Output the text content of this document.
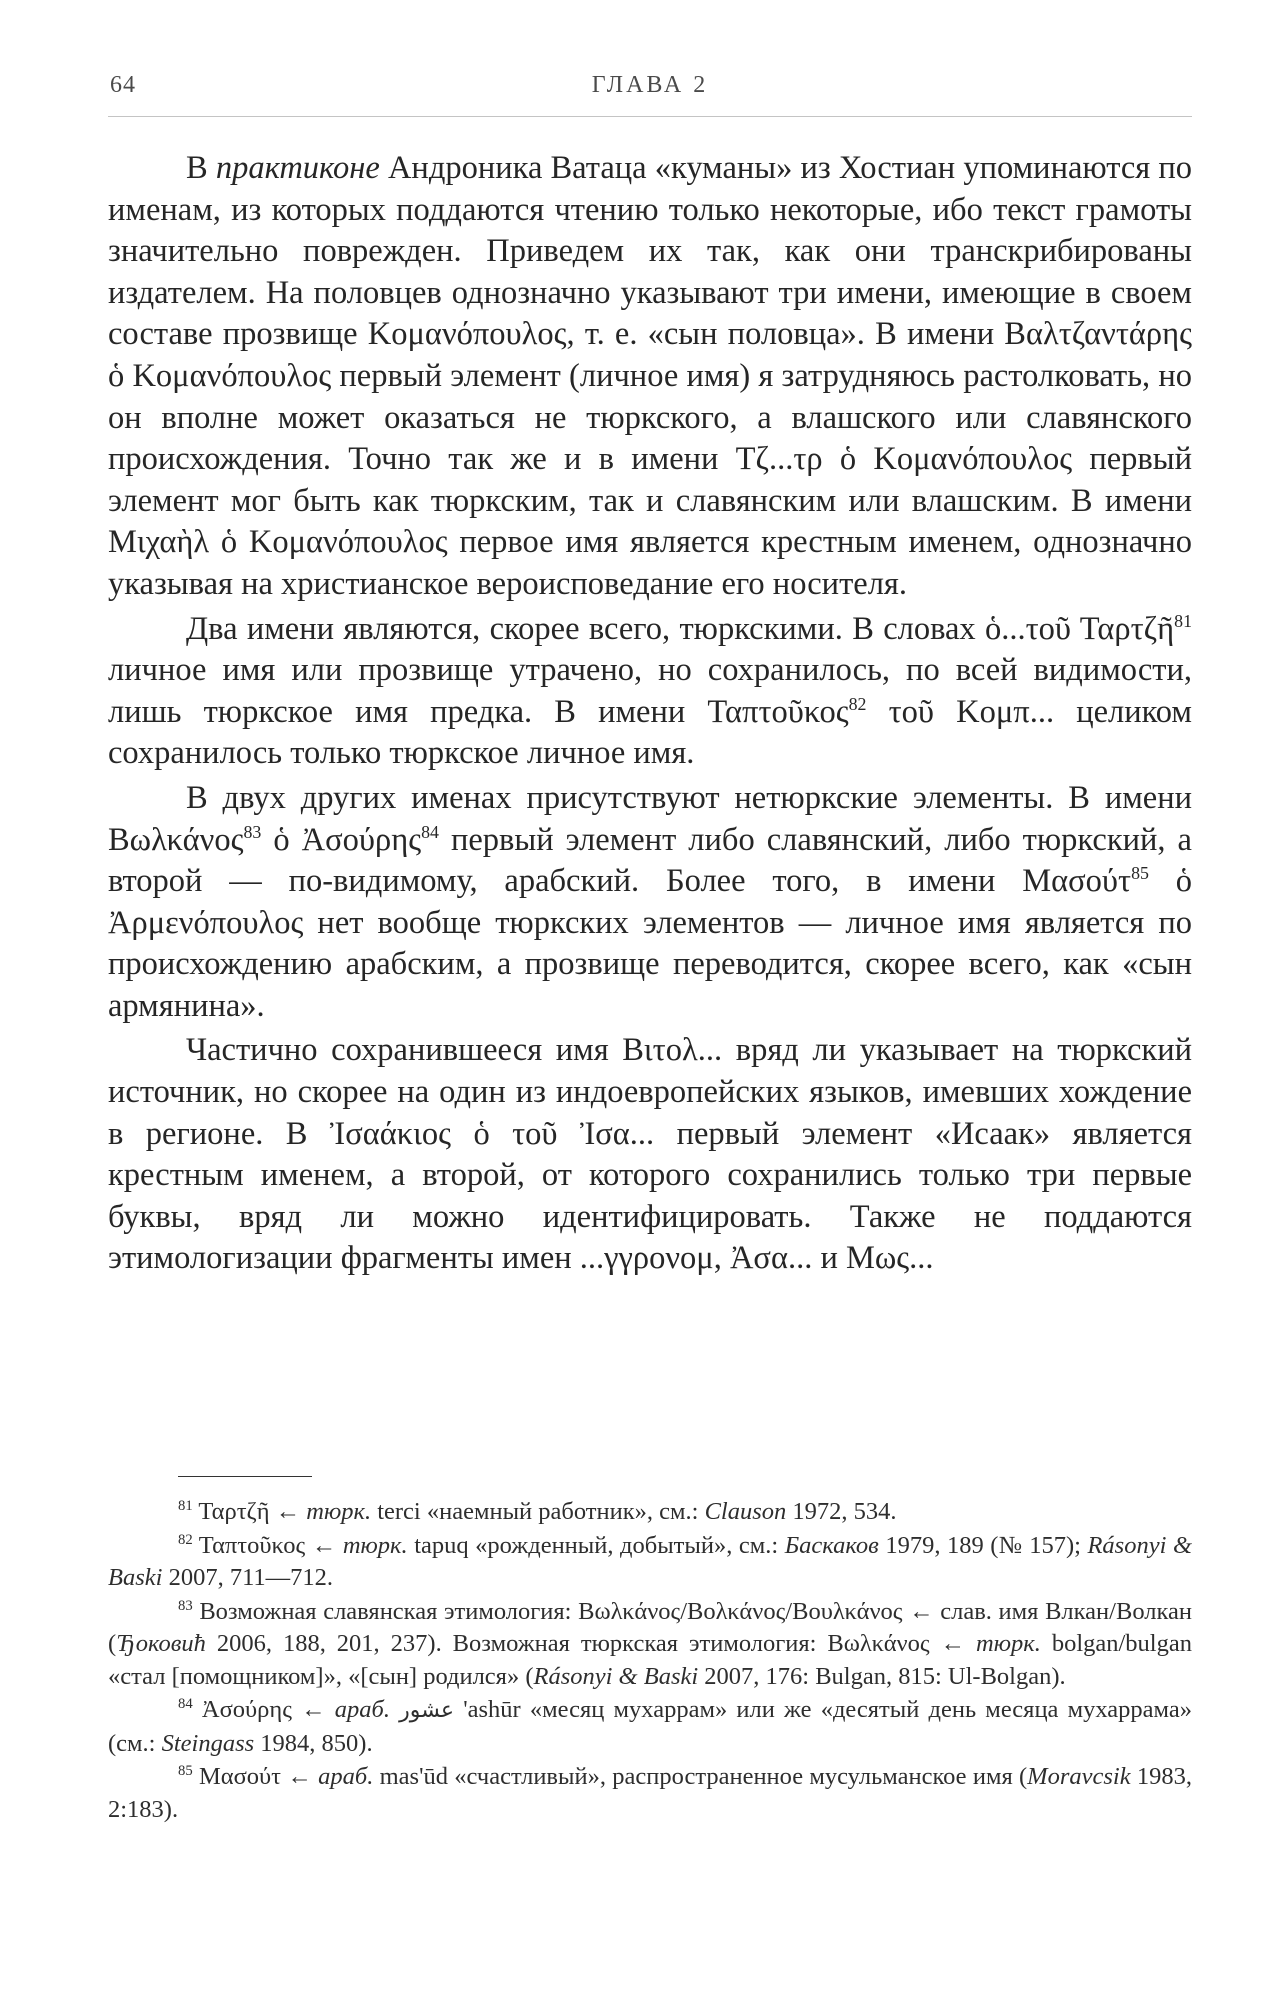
64	ГЛАВА 2

В практиконе Андроника Ватаца «куманы» из Хостиан упоминаются по именам, из которых поддаются чтению только некоторые, ибо текст грамоты значительно поврежден. Приведем их так, как они транскрибированы издателем. На половцев однозначно указывают три имени, имеющие в своем составе прозвище Κομανόπουλος, т. е. «сын половца». В имени Βαλτζαντάρης ὁ Κομανόπουλος первый элемент (личное имя) я затрудняюсь растолковать, но он вполне может оказаться не тюркского, а влашского или славянского происхождения. Точно так же и в имени Τζ...τρ ὁ Κομανόπουλος первый элемент мог быть как тюркским, так и славянским или влашским. В имени Μιχαὴλ ὁ Κομανόπουλος первое имя является крестным именем, однозначно указывая на христианское вероисповедание его носителя.

Два имени являются, скорее всего, тюркскими. В словах ὁ...τοῦ Ταρτζῆ$^{81}$ личное имя или прозвище утрачено, но сохранилось, по всей видимости, лишь тюркское имя предка. В имени Ταπτοῦκος$^{82}$ τοῦ Κομπ... целиком сохранилось только тюркское личное имя.

В двух других именах присутствуют нетюркские элементы. В имени Βωλκάνος$^{83}$ ὁ Ἀσούρης$^{84}$ первый элемент либо славянский, либо тюркский, а второй — по-видимому, арабский. Более того, в имени Μασούτ$^{85}$ ὁ Ἀρμενόπουλος нет вообще тюркских элементов — личное имя является по происхождению арабским, а прозвище переводится, скорее всего, как «сын армянина».

Частично сохранившееся имя Βιτολ... вряд ли указывает на тюркский источник, но скорее на один из индоевропейских языков, имевших хождение в регионе. В Ἰσαάκιος ὁ τοῦ Ἰσα... первый элемент «Исаак» является крестным именем, а второй, от которого сохранились только три первые буквы, вряд ли можно идентифицировать. Также не поддаются этимологизации фрагменты имен ...γγρονομ, Ἀσα... и Μως...

$^{81}$ Ταρτζῆ ← тюрк. terci «наемный работник», см.: Clauson 1972, 534.

$^{82}$ Ταπτοῦκος ← тюрк. tapuq «рожденный, добытый», см.: Баскаков 1979, 189 (№ 157); Rásonyi & Baski 2007, 711—712.

$^{83}$ Возможная славянская этимология: Βωλκάνος/Βολκάνος/Βουλκάνος ← слав. имя Влкан/Волкан (Ђоковић 2006, 188, 201, 237). Возможная тюркская этимология: Βωλκάνος ← тюрк. bolgan/bulgan «стал [помощником]», «[сын] родился» (Rásonyi & Baski 2007, 176: Bulgan, 815: Ul-Bolgan).

$^{84}$ Ἀσούρης ← араб. عشور 'ashūr «месяц мухаррам» или же «десятый день месяца мухаррама» (см.: Steingass 1984, 850).

$^{85}$ Μασούτ ← араб. mas'ūd «счастливый», распространенное мусульманское имя (Moravcsik 1983, 2:183).
